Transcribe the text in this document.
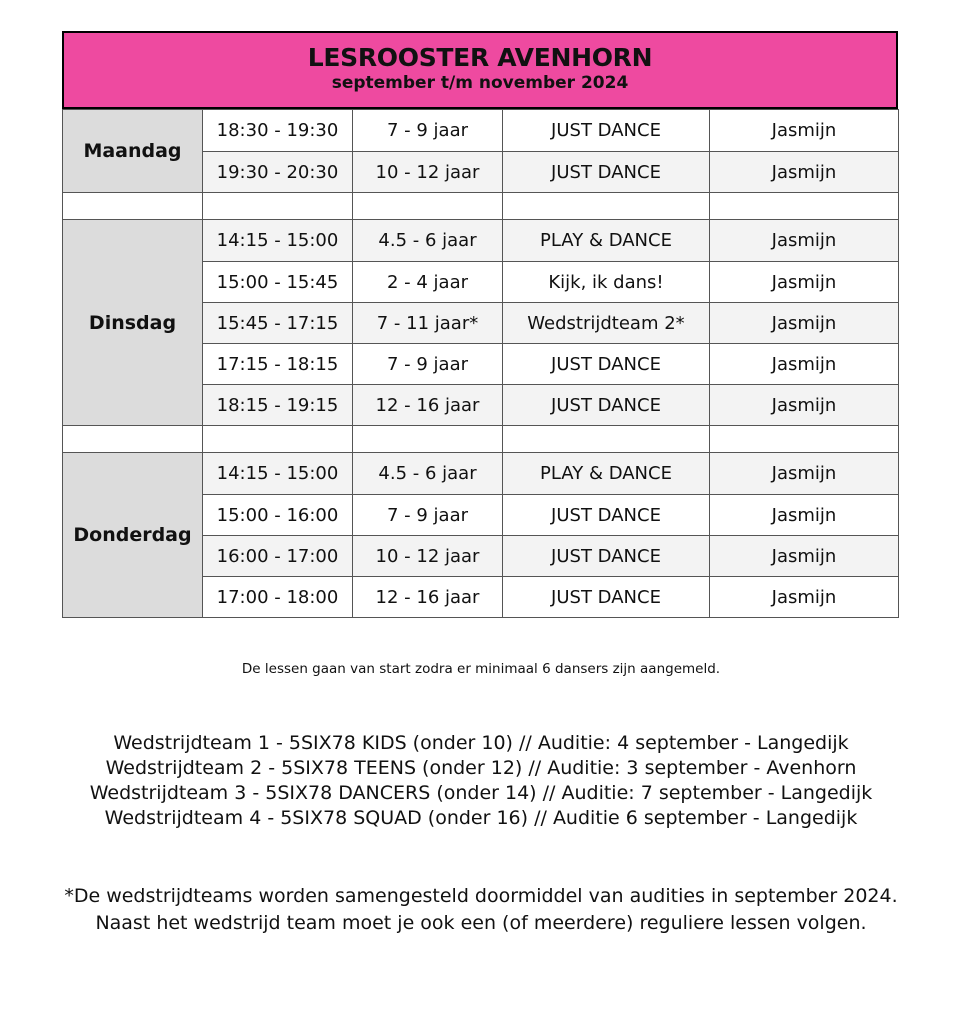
LESROOSTER AVENHORN
september t/m november 2024
Maandag	18:30 - 19:30	7 - 9 jaar	JUST DANCE	Jasmijn
	19:30 - 20:30	10 - 12 jaar	JUST DANCE	Jasmijn

Dinsdag	14:15 - 15:00	4.5 - 6 jaar	PLAY & DANCE	Jasmijn
	15:00 - 15:45	2 - 4 jaar	Kijk, ik dans!	Jasmijn
	15:45 - 17:15	7 - 11 jaar*	Wedstrijdteam 2*	Jasmijn
	17:15 - 18:15	7 - 9 jaar	JUST DANCE	Jasmijn
	18:15 - 19:15	12 - 16 jaar	JUST DANCE	Jasmijn

Donderdag	14:15 - 15:00	4.5 - 6 jaar	PLAY & DANCE	Jasmijn
	15:00 - 16:00	7 - 9 jaar	JUST DANCE	Jasmijn
	16:00 - 17:00	10 - 12 jaar	JUST DANCE	Jasmijn
	17:00 - 18:00	12 - 16 jaar	JUST DANCE	Jasmijn
De lessen gaan van start zodra er minimaal 6 dansers zijn aangemeld.
Wedstrijdteam 1 - 5SIX78 KIDS (onder 10) // Auditie: 4 september - Langedijk
Wedstrijdteam 2 - 5SIX78 TEENS (onder 12) // Auditie: 3 september - Avenhorn
Wedstrijdteam 3 - 5SIX78 DANCERS (onder 14) // Auditie: 7 september - Langedijk
Wedstrijdteam 4 - 5SIX78 SQUAD (onder 16) // Auditie 6 september - Langedijk
*De wedstrijdteams worden samengesteld doormiddel van audities in september 2024.
Naast het wedstrijd team moet je ook een (of meerdere) reguliere lessen volgen.
